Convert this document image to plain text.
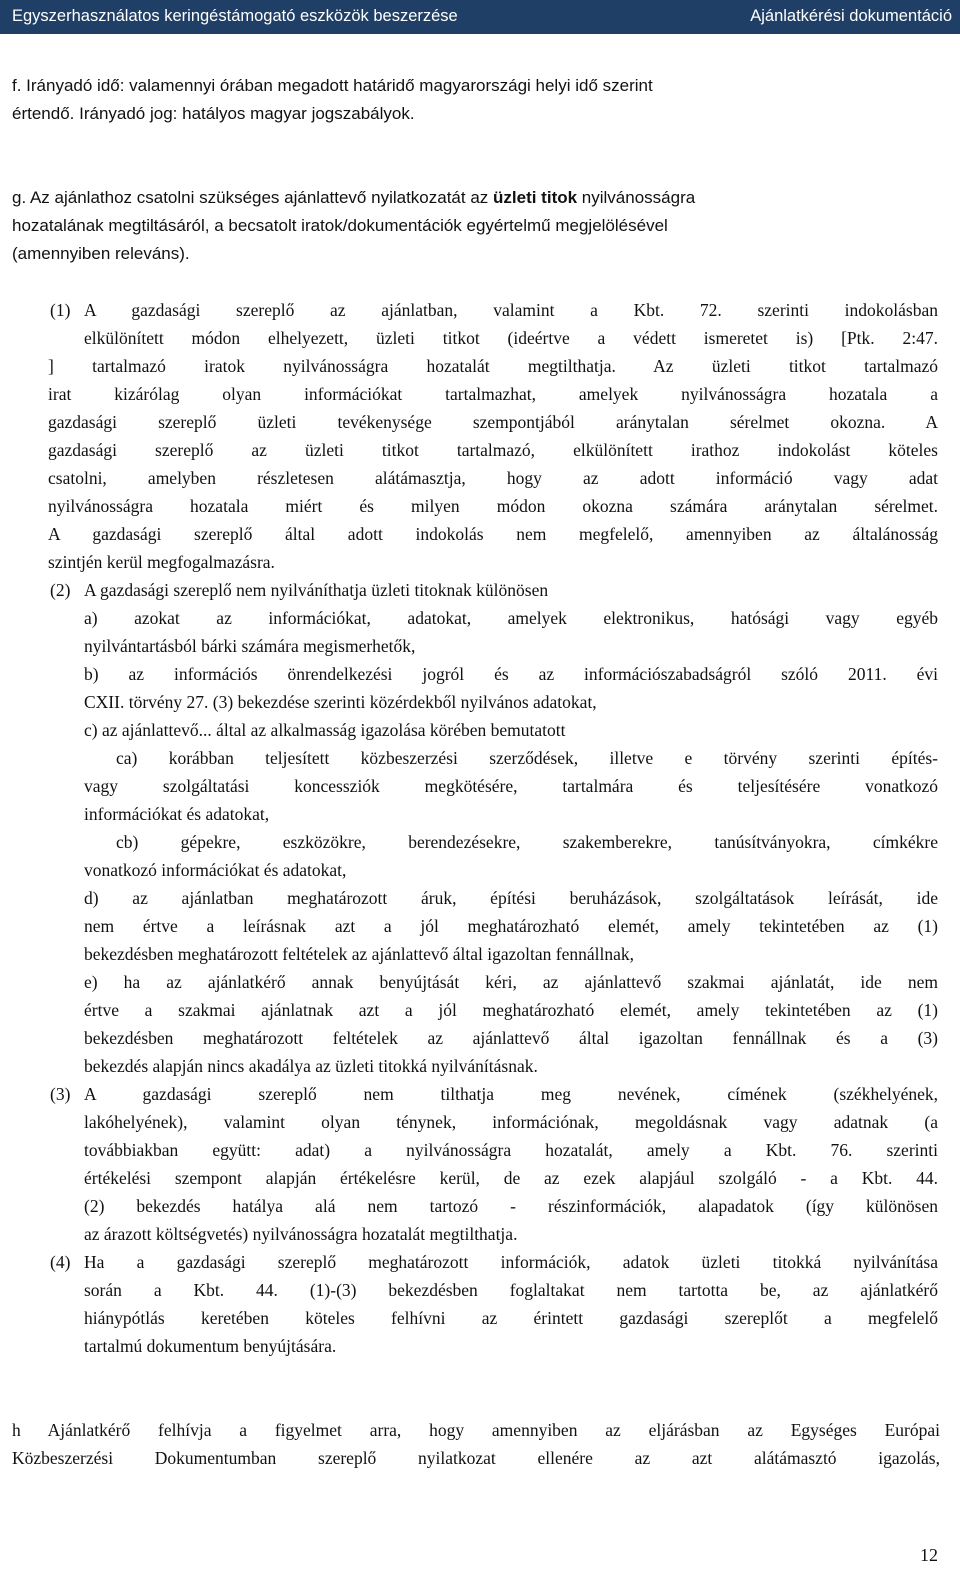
Egyszerhasználatos keringéstámogató eszközök beszerzése	Ajánlatkérési dokumentáció
f. Irányadó idő: valamennyi órában megadott határidő magyarországi helyi idő szerint
értendő. Irányadó jog: hatályos magyar jogszabályok.
g. Az ajánlathoz csatolni szükséges ajánlattevő nyilatkozatát az üzleti titok nyilvánosságra
hozatalának megtiltásáról, a becsatolt iratok/dokumentációk egyértelmű megjelölésével
(amennyiben releváns).
(1) A gazdasági szereplő az ajánlatban, valamint a Kbt. 72. szerinti indokolásban
elkülönített módon elhelyezett, üzleti titkot (ideértve a védett ismeretet is) [Ptk. 2:47.
] tartalmazó iratok nyilvánosságra hozatalát megtilthatja. Az üzleti titkot tartalmazó
irat kizárólag olyan információkat tartalmazhat, amelyek nyilvánosságra hozatala a
gazdasági szereplő üzleti tevékenysége szempontjából aránytalan sérelmet okozna. A
gazdasági szereplő az üzleti titkot tartalmazó, elkülönített irathoz indokolást köteles
csatolni, amelyben részletesen alátámasztja, hogy az adott információ vagy adat
nyilvánosságra hozatala miért és milyen módon okozna számára aránytalan sérelmet.
A gazdasági szereplő által adott indokolás nem megfelelő, amennyiben az általánosság
szintjén kerül megfogalmazásra.
(2) A gazdasági szereplő nem nyilváníthatja üzleti titoknak különösen
a) azokat az információkat, adatokat, amelyek elektronikus, hatósági vagy egyéb
nyilvántartásból bárki számára megismerhetők,
b) az információs önrendelkezési jogról és az információszabadságról szóló 2011. évi
CXII. törvény 27. (3) bekezdése szerinti közérdekből nyilvános adatokat,
c) az ajánlattevő... által az alkalmasság igazolása körében bemutatott
ca) korábban teljesített közbeszerzési szerződések, illetve e törvény szerinti építés-
vagy szolgáltatási koncessziók megkötésére, tartalmára és teljesítésére vonatkozó
információkat és adatokat,
cb) gépekre, eszközökre, berendezésekre, szakemberekre, tanúsítványokra, címkékre
vonatkozó információkat és adatokat,
d) az ajánlatban meghatározott áruk, építési beruházások, szolgáltatások leírását, ide
nem értve a leírásnak azt a jól meghatározható elemét, amely tekintetében az (1)
bekezdésben meghatározott feltételek az ajánlattevő által igazoltan fennállnak,
e) ha az ajánlatkérő annak benyújtását kéri, az ajánlattevő szakmai ajánlatát, ide nem
értve a szakmai ajánlatnak azt a jól meghatározható elemét, amely tekintetében az (1)
bekezdésben meghatározott feltételek az ajánlattevő által igazoltan fennállnak és a (3)
bekezdés alapján nincs akadálya az üzleti titokká nyilvánításnak.
(3) A gazdasági szereplő nem tilthatja meg nevének, címének (székhelyének,
lakóhelyének), valamint olyan ténynek, információnak, megoldásnak vagy adatnak (a
továbbiakban együtt: adat) a nyilvánosságra hozatalát, amely a Kbt. 76. szerinti
értékelési szempont alapján értékelésre kerül, de az ezek alapjául szolgáló - a Kbt. 44.
(2) bekezdés hatálya alá nem tartozó - részinformációk, alapadatok (így különösen
az árazott költségvetés) nyilvánosságra hozatalát megtilthatja.
(4) Ha a gazdasági szereplő meghatározott információk, adatok üzleti titokká nyilvánítása
során a Kbt. 44. (1)-(3) bekezdésben foglaltakat nem tartotta be, az ajánlatkérő
hiánypótlás keretében köteles felhívni az érintett gazdasági szereplőt a megfelelő
tartalmú dokumentum benyújtására.
h Ajánlatkérő felhívja a figyelmet arra, hogy amennyiben az eljárásban az Egységes Európai
Közbeszerzési Dokumentumban szereplő nyilatkozat ellenére az azt alátámasztó igazolás,
12
